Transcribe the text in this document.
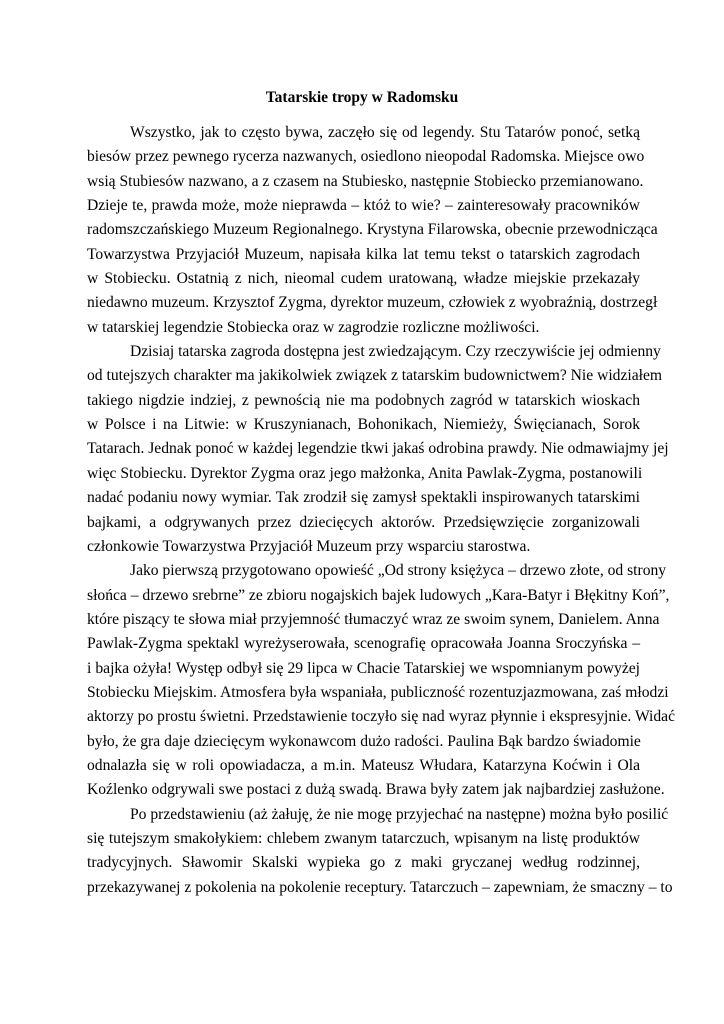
Tatarskie tropy w Radomsku
Wszystko, jak to często bywa, zaczęło się od legendy. Stu Tatarów ponoć, setką
biesów przez pewnego rycerza nazwanych, osiedlono nieopodal Radomska. Miejsce owo
wsią Stubiesów nazwano, a z czasem na Stubiesko, następnie Stobiecko przemianowano.
Dzieje te, prawda może, może nieprawda – któż to wie? – zainteresowały pracowników
radomszczańskiego Muzeum Regionalnego. Krystyna Filarowska, obecnie przewodnicząca
Towarzystwa Przyjaciół Muzeum, napisała kilka lat temu tekst o tatarskich zagrodach
w Stobiecku. Ostatnią z nich, nieomal cudem uratowaną, władze miejskie przekazały
niedawno muzeum. Krzysztof Zygma, dyrektor muzeum, człowiek z wyobraźnią, dostrzegł
w tatarskiej legendzie Stobiecka oraz w zagrodzie rozliczne możliwości.
Dzisiaj tatarska zagroda dostępna jest zwiedzającym. Czy rzeczywiście jej odmienny
od tutejszych charakter ma jakikolwiek związek z tatarskim budownictwem? Nie widziałem
takiego nigdzie indziej, z pewnością nie ma podobnych zagród w tatarskich wioskach
w Polsce i na Litwie: w Kruszynianach, Bohonikach, Niemieży, Święcianach, Sorok
Tatarach. Jednak ponoć w każdej legendzie tkwi jakaś odrobina prawdy. Nie odmawiajmy jej
więc Stobiecku. Dyrektor Zygma oraz jego małżonka, Anita Pawlak-Zygma, postanowili
nadać podaniu nowy wymiar. Tak zrodził się zamysł spektakli inspirowanych tatarskimi
bajkami, a odgrywanych przez dziecięcych aktorów. Przedsięwzięcie zorganizowali
członkowie Towarzystwa Przyjaciół Muzeum przy wsparciu starostwa.
Jako pierwszą przygotowano opowieść „Od strony księżyca – drzewo złote, od strony
słońca – drzewo srebrne” ze zbioru nogajskich bajek ludowych „Kara-Batyr i Błękitny Koń”,
które piszący te słowa miał przyjemność tłumaczyć wraz ze swoim synem, Danielem. Anna
Pawlak-Zygma spektakl wyreżyserowała, scenografię opracowała Joanna Sroczyńska –
i bajka ożyła! Występ odbył się 29 lipca w Chacie Tatarskiej we wspomnianym powyżej
Stobiecku Miejskim. Atmosfera była wspaniała, publiczność rozentuzjazmowana, zaś młodzi
aktorzy po prostu świetni. Przedstawienie toczyło się nad wyraz płynnie i ekspresyjnie. Widać
było, że gra daje dziecięcym wykonawcom dużo radości. Paulina Bąk bardzo świadomie
odnalazła się w roli opowiadacza, a m.in. Mateusz Włudara, Katarzyna Koćwin i Ola
Koźlenko odgrywali swe postaci z dużą swadą. Brawa były zatem jak najbardziej zasłużone.
Po przedstawieniu (aż żałuję, że nie mogę przyjechać na następne) można było posilić
się tutejszym smakołykiem: chlebem zwanym tatarczuch, wpisanym na listę produktów
tradycyjnych. Sławomir Skalski wypieka go z maki gryczanej według rodzinnej,
przekazywanej z pokolenia na pokolenie receptury. Tatarczuch – zapewniam, że smaczny – to
